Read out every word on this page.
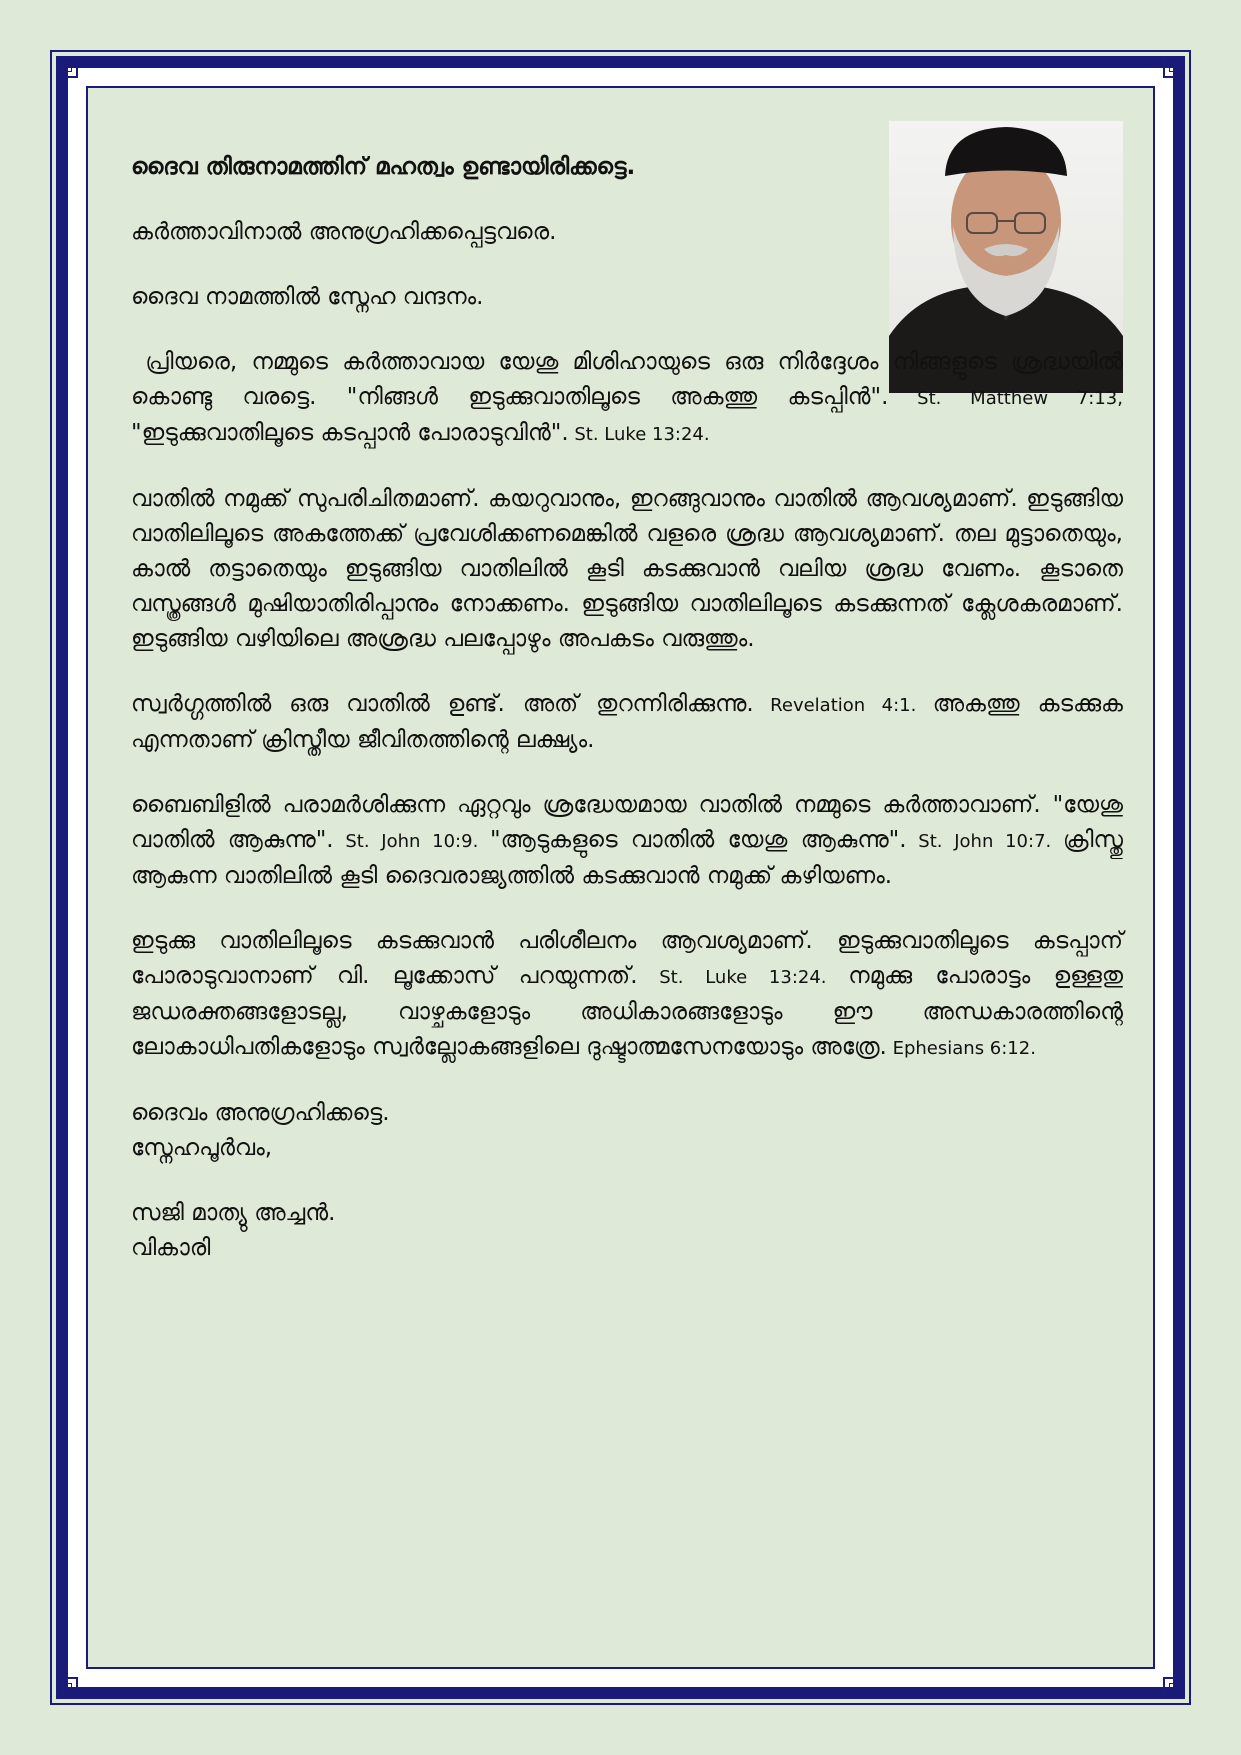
ദൈവ തിരുനാമത്തിന് മഹത്വം ഉണ്ടായിരിക്കട്ടെ.

കർത്താവിനാൽ അനുഗ്രഹിക്കപ്പെട്ടവരെ.

ദൈവ നാമത്തിൽ സ്നേഹ വന്ദനം.

പ്രിയരെ, നമ്മുടെ കർത്താവായ യേശു മിശിഹായുടെ ഒരു നിർദ്ദേശം നിങ്ങളുടെ ശ്രദ്ധയിൽ കൊണ്ടു വരട്ടെ. "നിങ്ങൾ ഇടുക്കുവാതിലൂടെ അകത്തു കടപ്പിൻ". St. Matthew 7:13, "ഇടുക്കുവാതിലൂടെ കടപ്പാൻ പോരാടുവിൻ". St. Luke 13:24.

വാതിൽ നമുക്ക് സുപരിചിതമാണ്. കയറുവാനും, ഇറങ്ങുവാനും വാതിൽ ആവശ്യമാണ്. ഇടുങ്ങിയ വാതിലിലൂടെ അകത്തേക്ക് പ്രവേശിക്കണമെങ്കിൽ വളരെ ശ്രദ്ധ ആവശ്യമാണ്. തല മുട്ടാതെയും, കാൽ തട്ടാതെയും ഇടുങ്ങിയ വാതിലിൽ കൂടി കടക്കുവാൻ വലിയ ശ്രദ്ധ വേണം. കൂടാതെ വസ്ത്രങ്ങൾ മുഷിയാതിരിപ്പാനും നോക്കണം. ഇടുങ്ങിയ വാതിലിലൂടെ കടക്കുന്നത് ക്ലേശകരമാണ്. ഇടുങ്ങിയ വഴിയിലെ അശ്രദ്ധ പലപ്പോഴും അപകടം വരുത്തും.

സ്വർഗ്ഗത്തിൽ ഒരു വാതിൽ ഉണ്ട്. അത് തുറന്നിരിക്കുന്നു. Revelation 4:1. അകത്തു കടക്കുക എന്നതാണ് ക്രിസ്തീയ ജീവിതത്തിന്റെ ലക്ഷ്യം.

ബൈബിളിൽ പരാമർശിക്കുന്ന ഏറ്റവും ശ്രദ്ധേയമായ വാതിൽ നമ്മുടെ കർത്താവാണ്. "യേശു വാതിൽ ആകുന്നു". St. John 10:9. "ആടുകളുടെ വാതിൽ യേശു ആകുന്നു". St. John 10:7. ക്രിസ്തു ആകുന്ന വാതിലിൽ കൂടി ദൈവരാജ്യത്തിൽ കടക്കുവാൻ നമുക്ക് കഴിയണം.

ഇടുക്കു വാതിലിലൂടെ കടക്കുവാൻ പരിശീലനം ആവശ്യമാണ്. ഇടുക്കുവാതിലൂടെ കടപ്പാന് പോരാടുവാനാണ് വി. ലൂക്കോസ് പറയുന്നത്. St. Luke 13:24. നമുക്കു പോരാട്ടം ഉള്ളതു ജഡരക്തങ്ങളോടല്ല, വാഴ്ചകളോടും അധികാരങ്ങളോടും ഈ അന്ധകാരത്തിന്റെ ലോകാധിപതികളോടും സ്വർല്ലോകങ്ങളിലെ ദുഷ്ടാത്മസേനയോടും അത്രേ. Ephesians 6:12.

ദൈവം അനുഗ്രഹിക്കട്ടെ.

സ്നേഹപൂർവം,

സജി മാത്യു അച്ചൻ.

വികാരി
